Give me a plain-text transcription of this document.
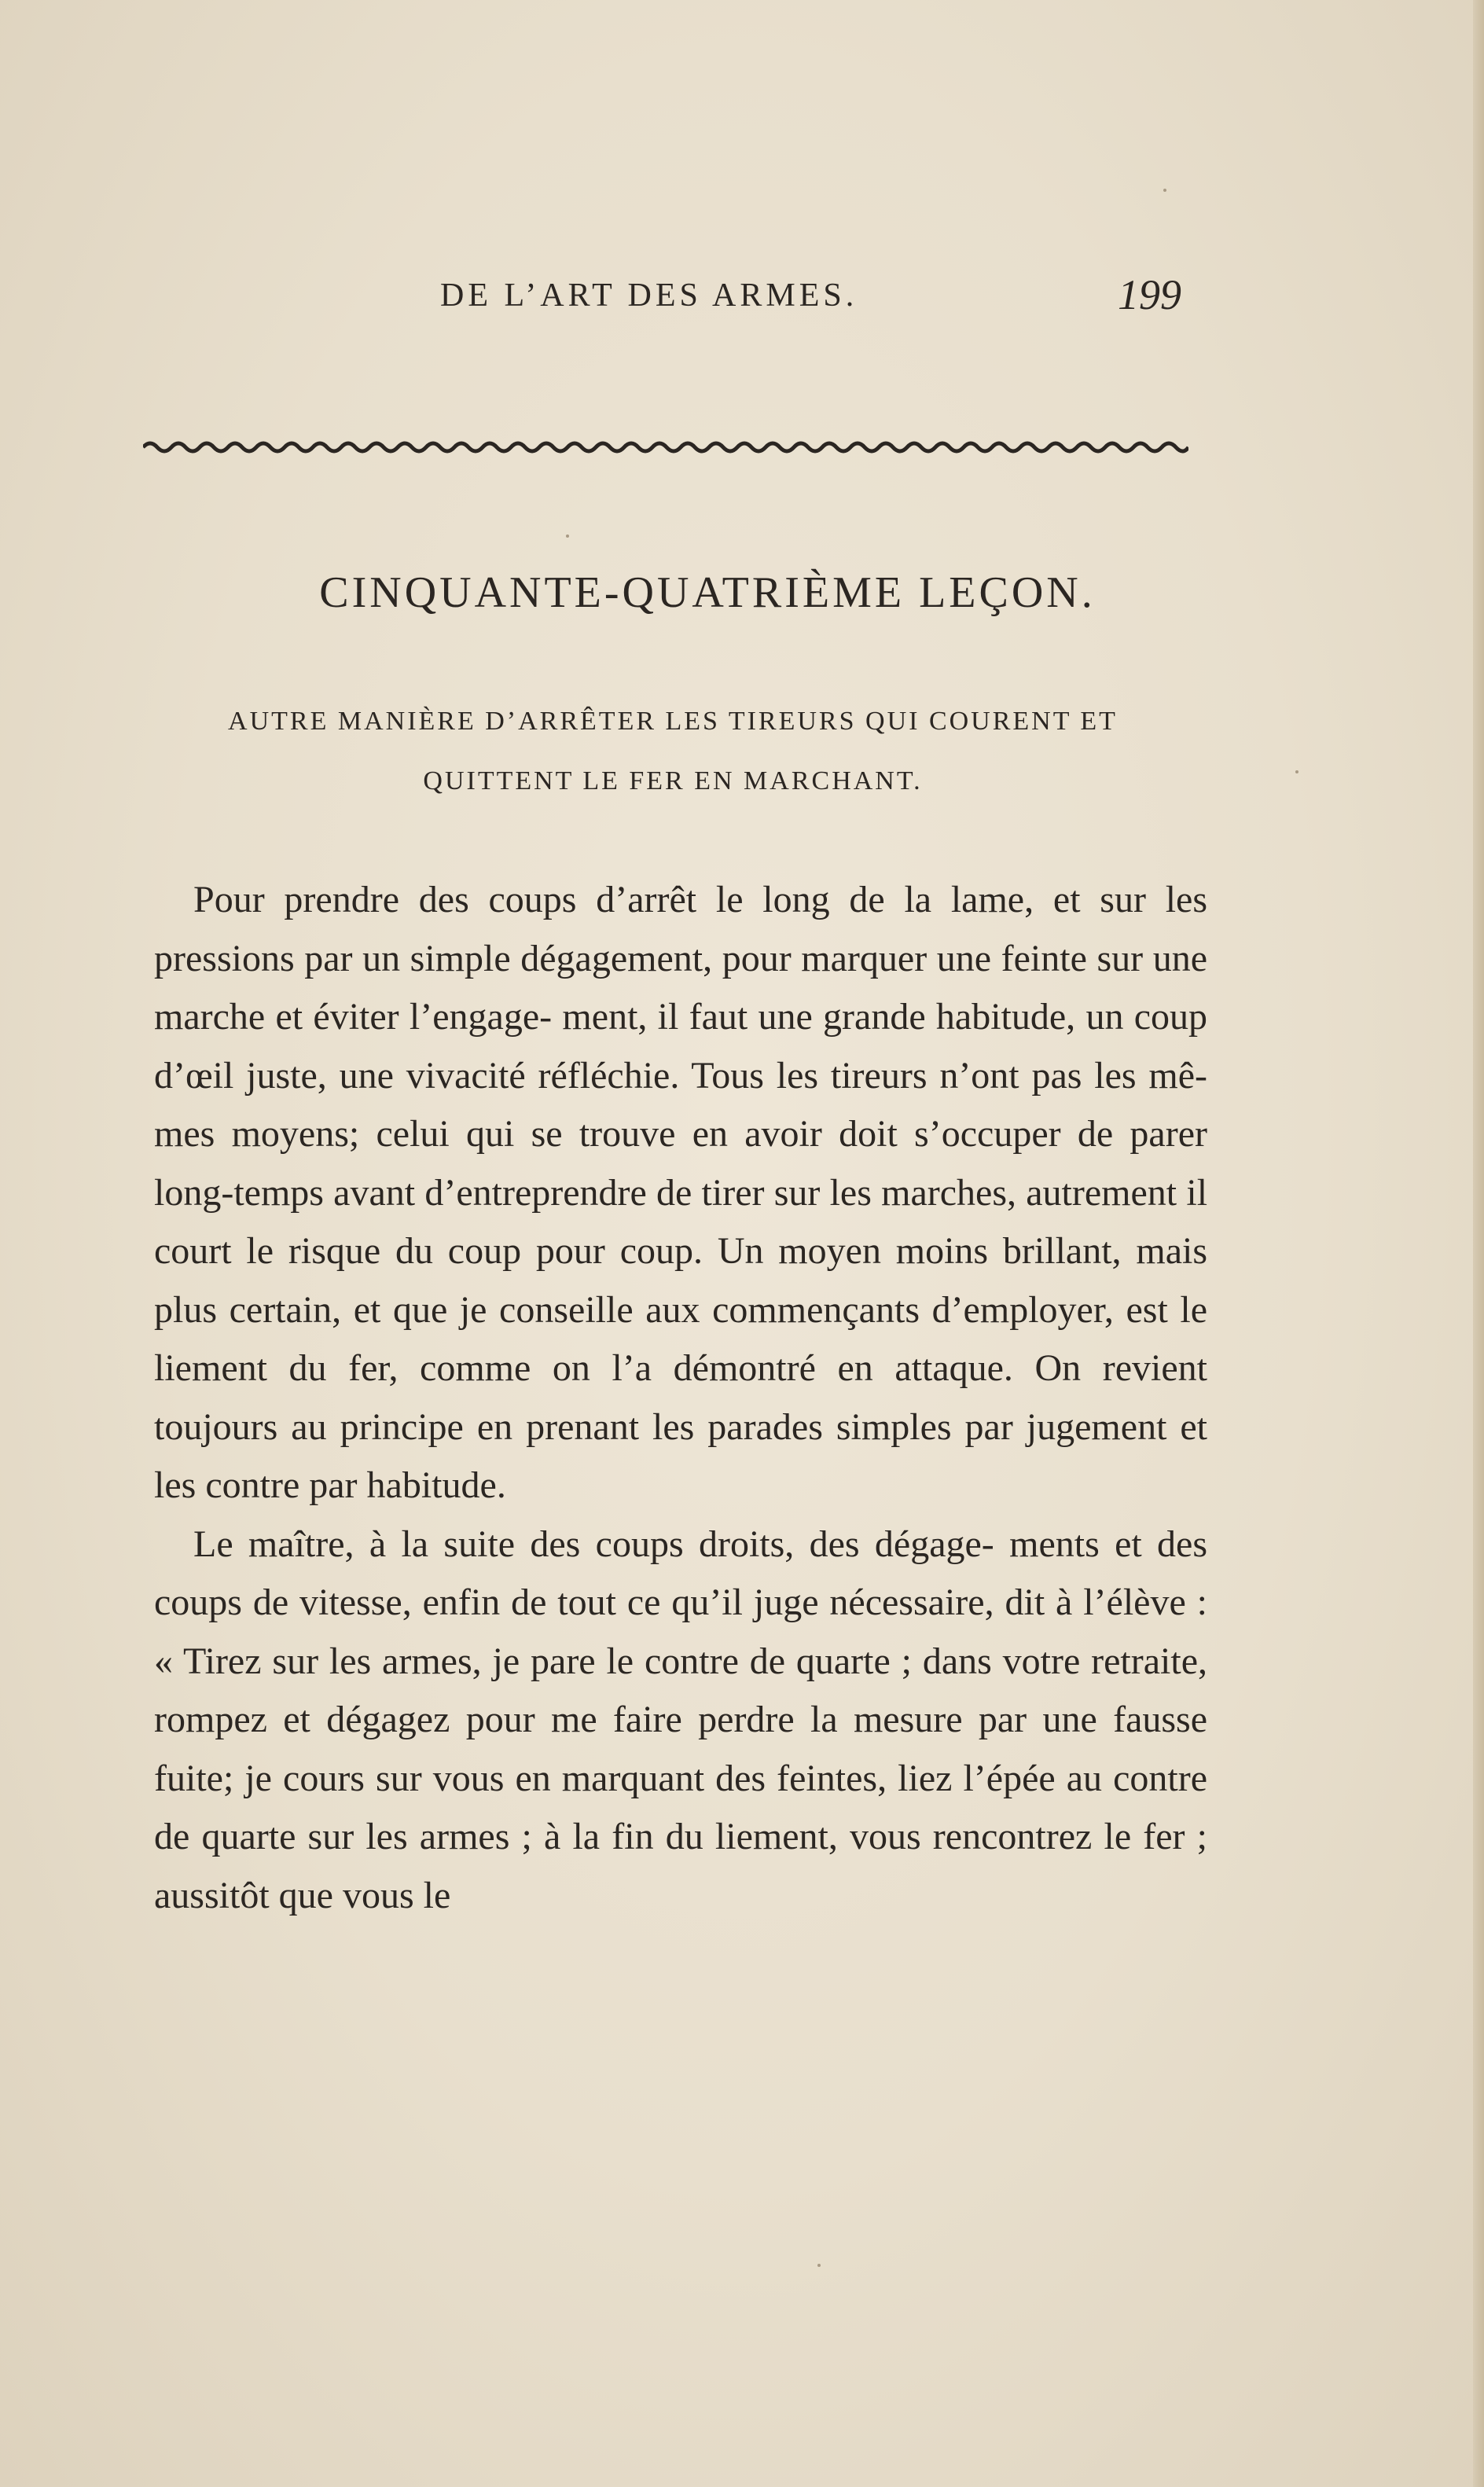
DE L’ART DES ARMES.	199
CINQUANTE-QUATRIÈME LEÇON.
AUTRE MANIÈRE D’ARRÊTER LES TIREURS QUI COURENT ET
QUITTENT LE FER EN MARCHANT.

Pour prendre des coups d’arrêt le long de la lame, et sur les pressions par un simple dégagement, pour marquer une feinte sur une marche et éviter l’engage- ment, il faut une grande habitude, un coup d’œil juste, une vivacité réfléchie. Tous les tireurs n’ont pas les mê- mes moyens; celui qui se trouve en avoir doit s’occuper de parer long-temps avant d’entreprendre de tirer sur les marches, autrement il court le risque du coup pour coup. Un moyen moins brillant, mais plus certain, et que je conseille aux commençants d’employer, est le liement du fer, comme on l’a démontré en attaque. On revient toujours au principe en prenant les parades simples par jugement et les contre par habitude.

Le maître, à la suite des coups droits, des dégage- ments et des coups de vitesse, enfin de tout ce qu’il juge nécessaire, dit à l’élève : « Tirez sur les armes, je pare le contre de quarte ; dans votre retraite, rompez et dégagez pour me faire perdre la mesure par une fausse fuite; je cours sur vous en marquant des feintes, liez l’épée au contre de quarte sur les armes ; à la fin du liement, vous rencontrez le fer ; aussitôt que vous le
